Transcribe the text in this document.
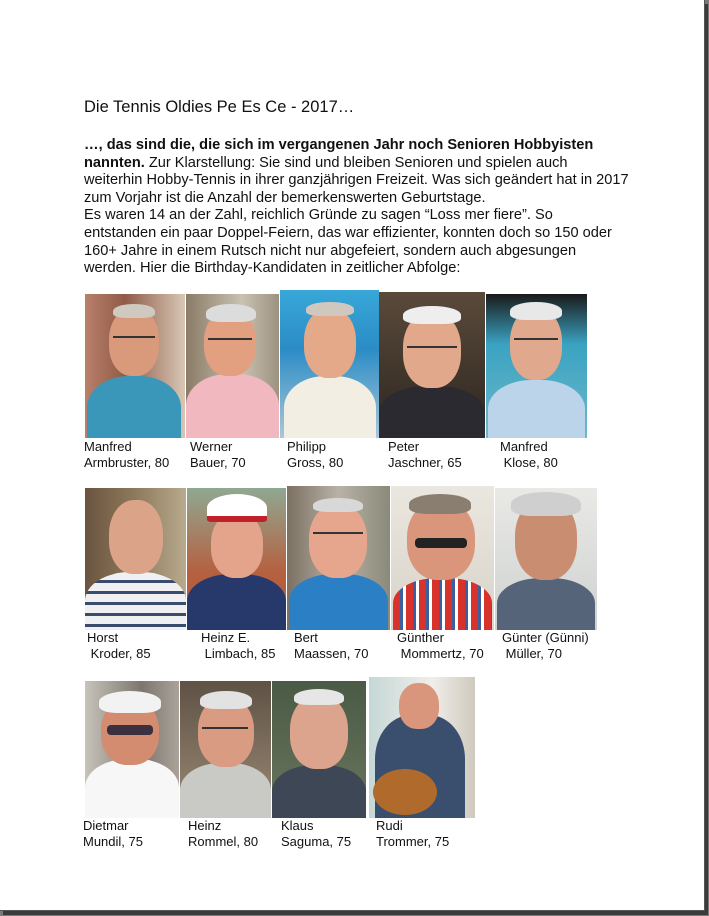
Die Tennis Oldies Pe Es Ce - 2017…

…, das sind die, die sich im vergangenen Jahr noch Senioren Hobbyisten nannten. Zur Klarstellung: Sie sind und bleiben Senioren und spielen auch weiterhin Hobby-Tennis in ihrer ganzjährigen Freizeit. Was sich geändert hat in 2017 zum Vorjahr ist die Anzahl der bemerkenswerten Geburtstage.

Es waren 14 an der Zahl, reichlich Gründe zu sagen “Loss mer fiere”. So entstanden ein paar Doppel-Feiern, das war effizienter, konnten doch so 150 oder 160+ Jahre in einem Rutsch nicht nur abgefeiert, sondern auch abgesungen werden. Hier die Birthday-Kandidaten in zeitlicher Abfolge:

Manfred
Armbruster, 80
Werner
Bauer, 70
Philipp
Gross, 80
Peter
Jaschner, 65
Manfred
Klose, 80
Horst
Kroder, 85
Heinz E.
Limbach, 85
Bert
Maassen, 70
Günther
Mommertz, 70
Günter (Günni)
Müller, 70
Dietmar
Mundil, 75
Heinz
Rommel, 80
Klaus
Saguma, 75
Rudi
Trommer, 75
